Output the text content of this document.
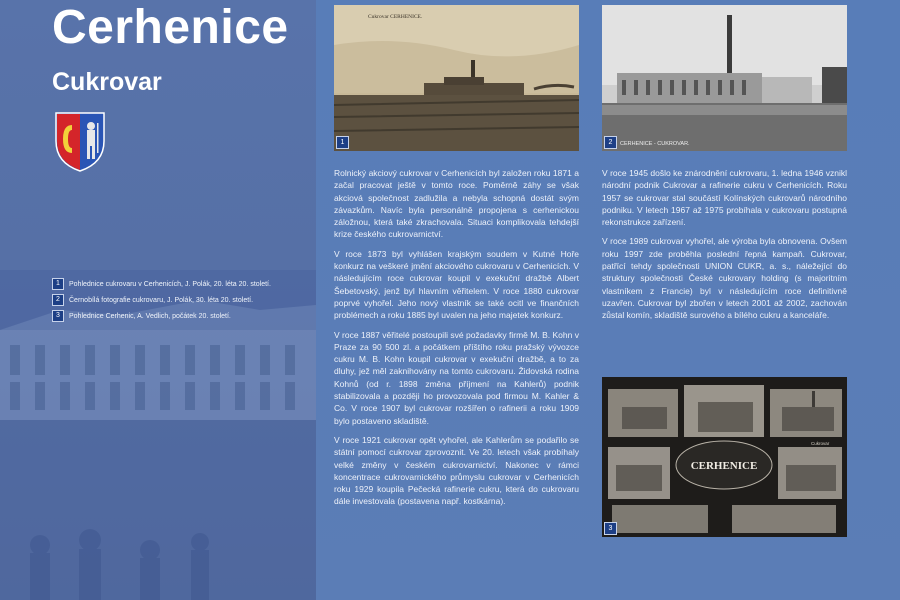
Cerhenice
Cukrovar
1	Pohlednice cukrovaru v Cerhenicích, J. Polák, 20. léta 20. století.
2	Černobílá fotografie cukrovaru, J. Polák, 30. léta 20. století.
3	Pohlednice Cerhenic, A. Vedlich, počátek 20. století.
Cukrovar CERHENICE.
1	CERHENICE - CUKROVAR.
2

Rolnický akciový cukrovar v Cerhenicích byl založen roku 1871 a začal pracovat ještě v tomto roce. Poměrně záhy se však akciová společnost zadlužila a nebyla schopná dostát svým závazkům. Navíc byla personálně propojena s cerhenickou záložnou, která také zkrachovala. Situaci komplikovala tehdejší krize českého cukrovarnictví.

V roce 1873 byl vyhlášen krajským soudem v Kutné Hoře konkurz na veškeré jmění akciového cukrovaru v Cerhenicích. V následujícím roce cukrovar koupil v exekuční dražbě Albert Šebetovský, jenž byl hlavním věřitelem. V roce 1880 cukrovar poprvé vyhořel. Jeho nový vlastník se také ocitl ve finančních problémech a roku 1885 byl uvalen na jeho majetek konkurz.

V roce 1887 věřitelé postoupili své požadavky firmě M. B. Kohn v Praze za 90 500 zl. a počátkem příštího roku pražský vývozce cukru M. B. Kohn koupil cukrovar v exekuční dražbě, a to za dluhy, jež měl zaknihovány na tomto cukrovaru. Židovská rodina Kohnů (od r. 1898 změna příjmení na Kahlerů) podnik stabilizovala a později ho provozovala pod firmou M. Kahler & Co. V roce 1907 byl cukrovar rozšířen o rafinerii a roku 1909 bylo postaveno skladiště.

V roce 1921 cukrovar opět vyhořel, ale Kahlerům se podařilo se státní pomocí cukrovar zprovoznit. Ve 20. letech však probíhaly velké změny v českém cukrovarnictví. Nakonec v rámci koncentrace cukrovarnického průmyslu cukrovar v Cerhenicích roku 1929 koupila Pečecká rafinerie cukru, která do cukrovaru dále investovala (postavena např. kostkárna).

V roce 1945 došlo ke znárodnění cukrovaru, 1. ledna 1946 vznikl národní podnik Cukrovar a rafinerie cukru v Cerhenicích. Roku 1957 se cukrovar stal součástí Kolínských cukrovarů národního podniku. V letech 1967 až 1975 probíhala v cukrovaru postupná rekonstrukce zařízení.

V roce 1989 cukrovar vyhořel, ale výroba byla obnovena. Ovšem roku 1997 zde proběhla poslední řepná kampaň. Cukrovar, patřící tehdy společnosti UNION CUKR, a. s., náležející do struktury společnosti České cukrovary holding (s majoritním vlastníkem z Francie) byl v následujícím roce definitivně uzavřen. Cukrovar byl zbořen v letech 2001 až 2002, zachován zůstal komín, skladiště surového a bílého cukru a kanceláře.

CERHENICE
Cukrovar
3
